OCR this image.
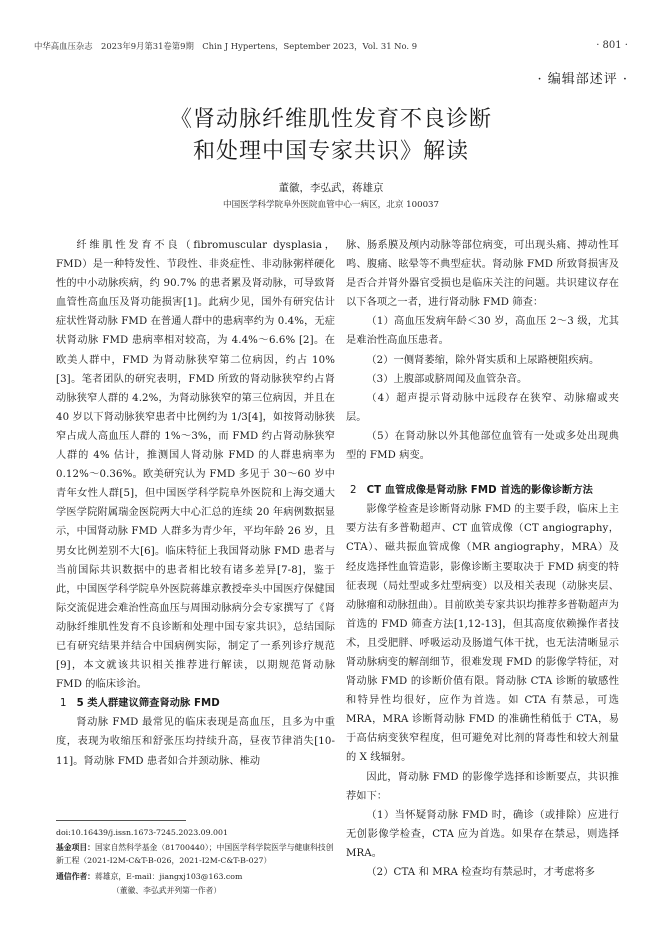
中华高血压杂志　2023年9月第31卷第9期　Chin J Hypertens，September 2023，Vol. 31 No. 9	· 801 ·
· 编辑部述评 ·
《肾动脉纤维肌性发育不良诊断
和处理中国专家共识》解读
董徽，李弘武，蒋雄京
中国医学科学院阜外医院血管中心一病区，北京 100037

纤维肌性发育不良（fibromuscular dysplasia，FMD）是一种特发性、节段性、非炎症性、非动脉粥样硬化性的中小动脉疾病，约 90.7% 的患者累及肾动脉，可导致肾血管性高血压及肾功能损害[1]。此病少见，国外有研究估计症状性肾动脉 FMD 在普通人群中的患病率约为 0.4%，无症状肾动脉 FMD 患病率相对较高，为 4.4%～6.6% [2]。在欧美人群中，FMD 为肾动脉狭窄第二位病因，约占 10% [3]。笔者团队的研究表明，FMD 所致的肾动脉狭窄约占肾动脉狭窄人群的 4.2%，为肾动脉狭窄的第三位病因，并且在 40 岁以下肾动脉狭窄患者中比例约为 1/3[4]，如按肾动脉狭窄占成人高血压人群的 1%～3%，而 FMD 约占肾动脉狭窄人群的 4% 估计，推测国人肾动脉 FMD 的人群患病率为 0.12%～0.36%。欧美研究认为 FMD 多见于 30～60 岁中青年女性人群[5]，但中国医学科学院阜外医院和上海交通大学医学院附属瑞金医院两大中心汇总的连续 20 年病例数据显示，中国肾动脉 FMD 人群多为青少年，平均年龄 26 岁，且男女比例差别不大[6]。临床特征上我国肾动脉 FMD 患者与当前国际共识数据中的患者相比较有诸多差异[7-8]，鉴于此，中国医学科学院阜外医院蒋雄京教授牵头中国医疗保健国际交流促进会难治性高血压与周围动脉病分会专家撰写了《肾动脉纤维肌性发育不良诊断和处理中国专家共识》，总结国际已有研究结果并结合中国病例实际，制定了一系列诊疗规范[9]，本文就该共识相关推荐进行解读，以期规范肾动脉 FMD 的临床诊治。

1 5 类人群建议筛查肾动脉 FMD

肾动脉 FMD 最常见的临床表现是高血压，且多为中重度，表现为收缩压和舒张压均持续升高，昼夜节律消失[10-11]。肾动脉 FMD 患者如合并颈动脉、椎动

脉、肠系膜及颅内动脉等部位病变，可出现头痛、搏动性耳鸣、腹痛、眩晕等不典型症状。肾动脉 FMD 所致肾损害及是否合并肾外器官受损也是临床关注的问题。共识建议存在以下各项之一者，进行肾动脉 FMD 筛查：

（1）高血压发病年龄＜30 岁，高血压 2～3 级，尤其是难治性高血压患者。

（2）一侧肾萎缩，除外肾实质和上尿路梗阻疾病。

（3）上腹部或脐周闻及血管杂音。

（4）超声提示肾动脉中远段存在狭窄、动脉瘤或夹层。

（5）在肾动脉以外其他部位血管有一处或多处出现典型的 FMD 病变。

2 CT 血管成像是肾动脉 FMD 首选的影像诊断方法

影像学检查是诊断肾动脉 FMD 的主要手段，临床上主要方法有多普勒超声、CT 血管成像（CT angiography，CTA）、磁共振血管成像（MR angiography，MRA）及经皮选择性血管造影，影像诊断主要取决于 FMD 病变的特征表现（局灶型或多灶型病变）以及相关表现（动脉夹层、动脉瘤和动脉扭曲）。目前欧美专家共识均推荐多普勒超声为首选的 FMD 筛查方法[1,12-13]，但其高度依赖操作者技术，且受肥胖、呼吸运动及肠道气体干扰，也无法清晰显示肾动脉病变的解剖细节，很难发现 FMD 的影像学特征，对肾动脉 FMD 的诊断价值有限。肾动脉 CTA 诊断的敏感性和特异性均很好，应作为首选。如 CTA 有禁忌，可选 MRA，MRA 诊断肾动脉 FMD 的准确性稍低于 CTA，易于高估病变狭窄程度，但可避免对比剂的肾毒性和较大剂量的 X 线辐射。

因此，肾动脉 FMD 的影像学选择和诊断要点，共识推荐如下：

（1）当怀疑肾动脉 FMD 时，确诊（或排除）应进行无创影像学检查，CTA 应为首选。如果存在禁忌，则选择 MRA。

（2）CTA 和 MRA 检查均有禁忌时，才考虑将多

doi:10.16439/j.issn.1673-7245.2023.09.001
基金项目：国家自然科学基金（81700440）；中国医学科学院医学与健康科技创新工程（2021-I2M-C&T-B-026，2021-I2M-C&T-B-027）
通信作者：蒋雄京，E-mail：jiangxj103@163.com
（董徽、李弘武并列第一作者）
